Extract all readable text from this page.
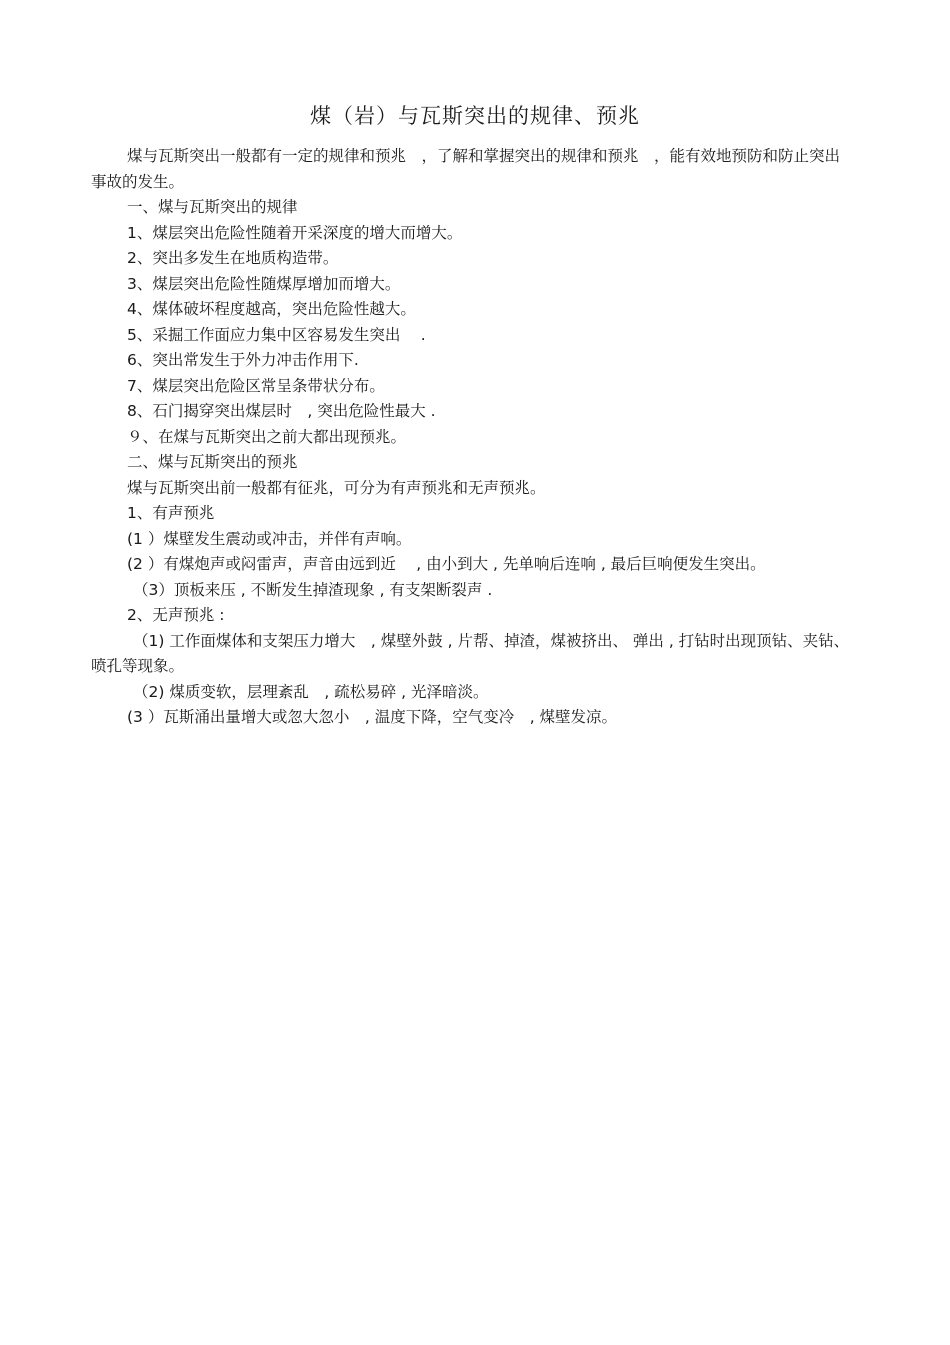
煤（岩）与瓦斯突出的规律、预兆

煤与瓦斯突出一般都有一定的规律和预兆　，了解和掌握突出的规律和预兆　，能有效地预防和防止突出事故的发生。

一、煤与瓦斯突出的规律

1、煤层突出危险性随着开采深度的增大而增大。

2、突出多发生在地质构造带。

3、煤层突出危险性随煤厚增加而增大。

4、煤体破坏程度越高，突出危险性越大。

5、采掘工作面应力集中区容易发生突出　 .

6、突出常发生于外力冲击作用下.

7、煤层突出危险区常呈条带状分布。

8、石门揭穿突出煤层时　, 突出危险性最大 .

９、在煤与瓦斯突出之前大都出现预兆。

二、煤与瓦斯突出的预兆

煤与瓦斯突出前一般都有征兆，可分为有声预兆和无声预兆。

1、有声预兆

(1 ）煤壁发生震动或冲击，并伴有声响。

(2 ）有煤炮声或闷雷声，声音由远到近　 , 由小到大 , 先单响后连响 , 最后巨响便发生突出。

（3）顶板来压 , 不断发生掉渣现象 , 有支架断裂声 .

2、无声预兆 :

（1) 工作面煤体和支架压力增大　, 煤壁外鼓 , 片帮、掉渣，煤被挤出、 弹出 , 打钻时出现顶钻、夹钻、喷孔等现象。

（2) 煤质变软，层理紊乱　, 疏松易碎 , 光泽暗淡。

(3 ）瓦斯涌出量增大或忽大忽小　, 温度下降，空气变冷　, 煤壁发凉。
